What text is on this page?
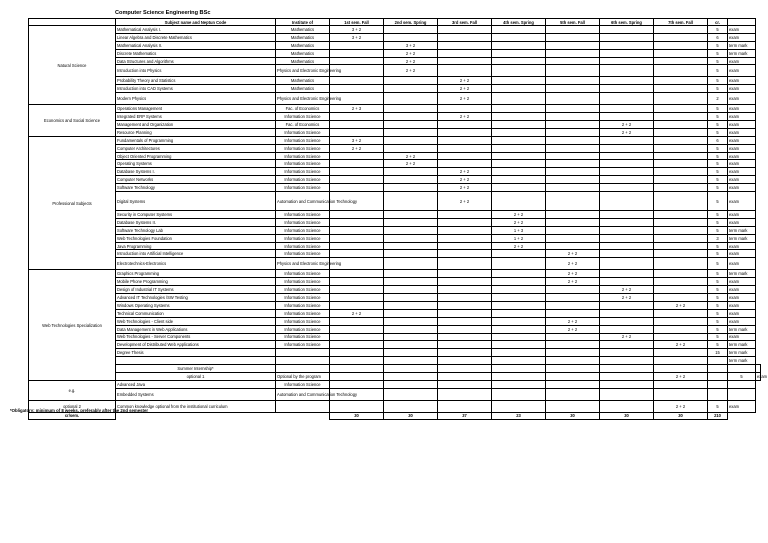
Computer Science Engineering BSc
	Subject name and Neptun Code	Institute of	1st sem. Fall	2nd sem. Spring	3rd sem. Fall	4th sem. Spring	5th sem. Fall	6th sem. Spring	7th sem. Fall	cr.		
Natural Science	Mathematical Analysis I.	Mathematics	3 + 2							5	exam	
	Linear Algebra and Discrete Mathematics	Mathematics	3 + 2							6	exam	
	Mathematical Analysis II.	Mathematics		3 + 2						5	term mark	
	Discrete Mathematics	Mathematics		2 + 2						5	term mark	
	Data Structures and Algorithms	Mathematics		2 + 2						5	exam	
	Introduction into Physics	Physics and Electronic Engineering		2 + 2						5	exam	
	Probability Theory and Statistics	Mathematics			2 + 2					5	exam	
	Introduction into CAD Systems	Mathematics			2 + 2					5	exam	
	Modern Physics	Physics and Electronic Engineering			2 + 2					2	exam	
Economics and Social Science	Operations Management	Fac. of Economics	2 + 3							5	exam	
	Integrated ERP Systems	Information Science			2 + 2					5	exam	
	Management and Organization	Fac. of Economics						2 + 2		5	exam	
	Resource Planning	Information Science						2 + 2		5	exam	
Professional Subjects	Fundamentals of Programming	Information Science	3 + 2							6	exam	
	Computer Architectures	Information Science	2 + 2							5	exam	
	Object Oriented Programming	Information Science		2 + 2						5	exam	
	Operating Systems	Information Science		2 + 2						5	exam	
	Database Systems I.	Information Science			2 + 2					5	exam	
	Computer Networks	Information Science			2 + 2					5	exam	
	Software Technology	Information Science			2 + 2					5	exam	
	Digital Systems	Automation and Communication Technology			2 + 2					5	exam	
	Security in Computer Systems	Information Science				2 + 2				5	exam	
	Database Systems II.	Information Science				2 + 2				5	exam	
	Software Technology Lab	Information Science				1 + 3				5	term mark	
	Web Technologies Foundation	Information Science				1 + 2				3	term mark	
	Java Programming	Information Science				2 + 2				5	exam	
	Introduction into Artificial Intelligence	Information Science					2 + 2			5	exam	
	Electrotechnics-Electronics	Physics and Electronic Engineering					2 + 2			5	exam	
Web Technologies Specialization	Graphics Programming	Information Science					2 + 2			5	term mark	
	Mobile Phone Programming	Information Science					2 + 2			5	exam	
	Design of Industrial IT Systems	Information Science						2 + 2		5	exam	
	Advanced IT Technologies /SW Testing	Information Science						2 + 2		5	exam	
	Windows Operating Systems	Information Science							2 + 2	5	exam	
	Technical Communication	Information Science	2 + 2							5	exam	
	Web Technologies - Client side	Information Science					2 + 2			5	exam	
	Data Management in Web Applications	Information Science					2 + 2			5	term mark	
	Web Technologies - Server Components	Information Science						2 + 2		5	exam	
	Development of Distributed Web Applications	Information Science							2 + 2	5	term mark	
	Degree Thesis									15	term mark	
											term mark	
	Summer Internship*											
	optional 1	Optional by the program							2 + 2		5	exam
e.g.	Advanced Java	Information Science										
	Embedded Systems	Automation and Communication Technology										
optional 2	Common knowledge optional from the institutional curriculum								2 + 2	5	exam	
cr/sem.			30	30	37	23	30	30	30	210		
*Obligatory: minimum of 8 weeks, preferably after the 2nd semester
